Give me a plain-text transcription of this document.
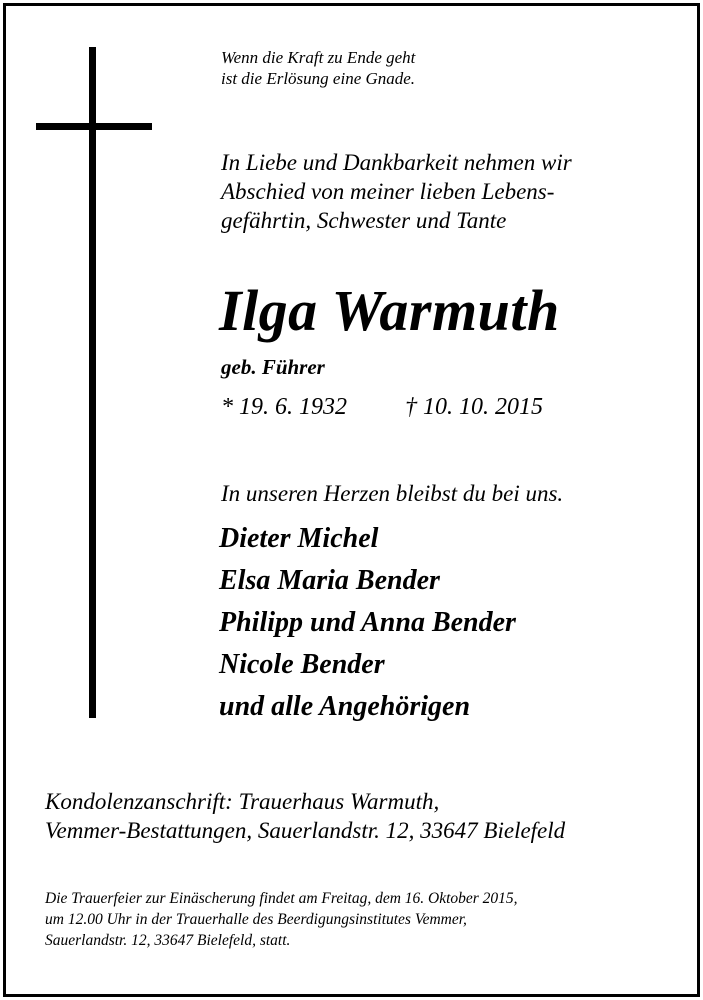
Wenn die Kraft zu Ende geht
ist die Erlösung eine Gnade.

In Liebe und Dankbarkeit nehmen wir
Abschied von meiner lieben Lebens-
gefährtin, Schwester und Tante

Ilga Warmuth

geb. Führer

* 19. 6. 1932 † 10. 10. 2015

In unseren Herzen bleibst du bei uns.

Dieter Michel
Elsa Maria Bender
Philipp und Anna Bender
Nicole Bender
und alle Angehörigen

Kondolenzanschrift: Trauerhaus Warmuth,
Vemmer-Bestattungen, Sauerlandstr. 12, 33647 Bielefeld

Die Trauerfeier zur Einäscherung findet am Freitag, dem 16. Oktober 2015,
um 12.00 Uhr in der Trauerhalle des Beerdigungsinstitutes Vemmer,
Sauerlandstr. 12, 33647 Bielefeld, statt.
